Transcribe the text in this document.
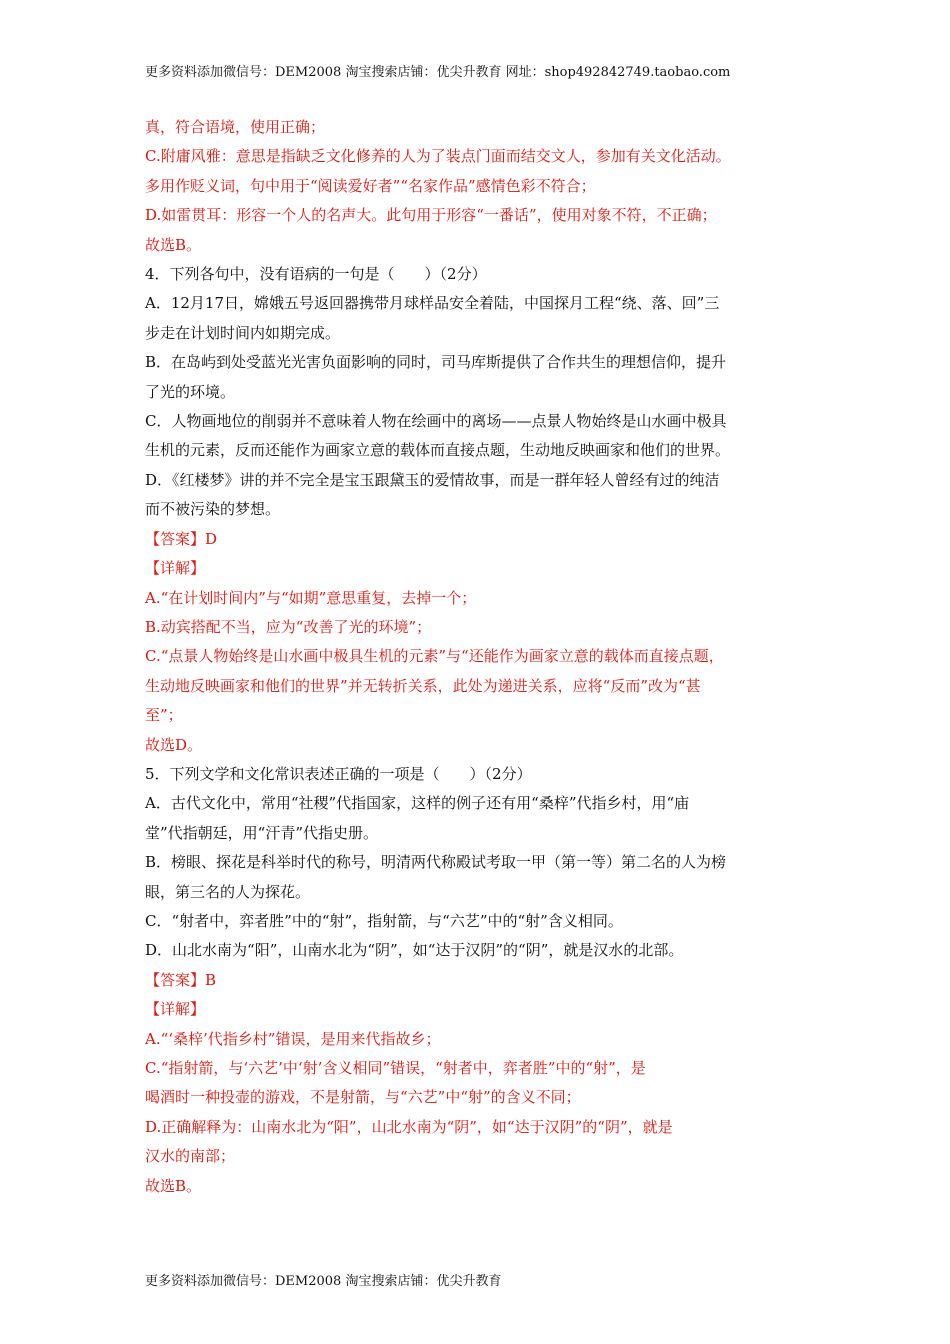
更多资料添加微信号：DEM2008 淘宝搜索店铺：优尖升教育 网址：shop492842749.taobao.com
真，符合语境，使用正确；
C.附庸风雅：意思是指缺乏文化修养的人为了装点门面而结交文人，参加有关文化活动。
多用作贬义词，句中用于“阅读爱好者”“名家作品”感情色彩不符合；
D.如雷贯耳：形容一个人的名声大。此句用于形容“一番话”，使用对象不符，不正确；
故选B。
4．下列各句中，没有语病的一句是（　　）（2分）
A．12月17日，嫦娥五号返回器携带月球样品安全着陆，中国探月工程“绕、落、回”三
步走在计划时间内如期完成。
B．在岛屿到处受蓝光光害负面影响的同时，司马库斯提供了合作共生的理想信仰，提升
了光的环境。
C．人物画地位的削弱并不意味着人物在绘画中的离场——点景人物始终是山水画中极具
生机的元素，反而还能作为画家立意的载体而直接点题，生动地反映画家和他们的世界。
D．《红楼梦》讲的并不完全是宝玉跟黛玉的爱情故事，而是一群年轻人曾经有过的纯洁
而不被污染的梦想。
【答案】D
【详解】
A.“在计划时间内”与“如期”意思重复，去掉一个；
B.动宾搭配不当，应为“改善了光的环境”；
C.“点景人物始终是山水画中极具生机的元素”与“还能作为画家立意的载体而直接点题，
生动地反映画家和他们的世界”并无转折关系，此处为递进关系，应将“反而”改为“甚
至”；
故选D。
5．下列文学和文化常识表述正确的一项是（　　）（2分）
A．古代文化中，常用“社稷”代指国家，这样的例子还有用“桑梓”代指乡村，用“庙
堂”代指朝廷，用“汗青”代指史册。
B．榜眼、探花是科举时代的称号，明清两代称殿试考取一甲（第一等）第二名的人为榜
眼，第三名的人为探花。
C．“射者中，弈者胜”中的“射”，指射箭，与“六艺”中的“射”含义相同。
D．山北水南为“阳”，山南水北为“阴”，如“达于汉阴”的“阴”，就是汉水的北部。
【答案】B
【详解】
A.“‘桑梓’代指乡村”错误，是用来代指故乡；
C.“指射箭，与‘六艺’中‘射’含义相同”错误，“射者中，弈者胜”中的“射”，是
喝酒时一种投壶的游戏，不是射箭，与“六艺”中“射”的含义不同；
D.正确解释为：山南水北为“阳”，山北水南为“阴”，如“达于汉阴”的“阴”，就是
汉水的南部；
故选B。
更多资料添加微信号：DEM2008 淘宝搜索店铺：优尖升教育
